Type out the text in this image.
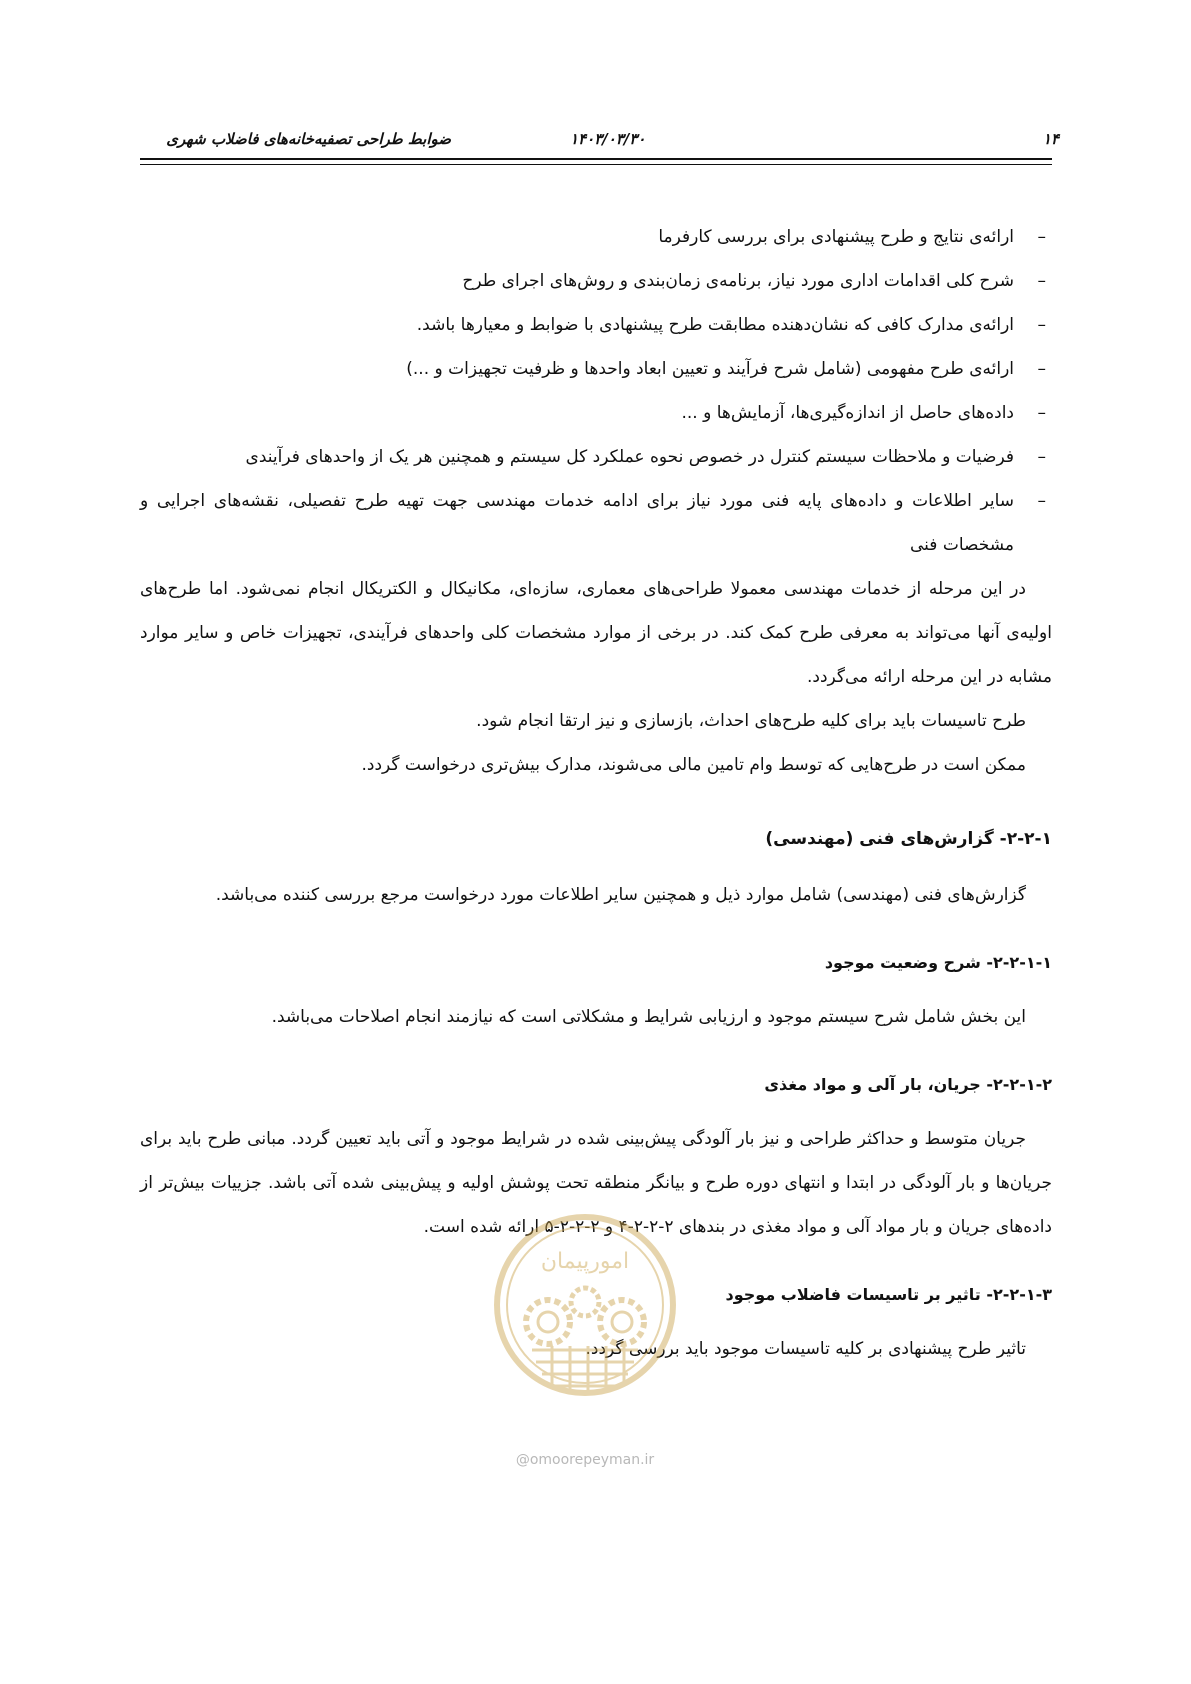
ضوابط طراحی تصفیه‌خانه‌های فاضلاب شهری	۱۴۰۳/۰۳/۳۰	۱۴
–
ارائه‌ی نتایج و طرح پیشنهادی برای بررسی کارفرما
–
شرح کلی اقدامات اداری مورد نیاز، برنامه‌ی زمان‌بندی و روش‌های اجرای طرح
–
ارائه‌ی مدارک کافی که نشان‌دهنده مطابقت طرح پیشنهادی با ضوابط و معیارها باشد.
–
ارائه‌ی طرح مفهومی (شامل شرح فرآیند و تعیین ابعاد واحدها و ظرفیت تجهیزات و ...)
–
داده‌های حاصل از اندازه‌گیری‌ها، آزمایش‌ها و ...
–
فرضیات و ملاحظات سیستم کنترل در خصوص نحوه عملکرد کل سیستم و همچنین هر یک از واحدهای فرآیندی
–
سایر اطلاعات و داده‌های پایه فنی مورد نیاز برای ادامه خدمات مهندسی جهت تهیه طرح تفصیلی، نقشه‌های اجرایی و مشخصات فنی

در این مرحله از خدمات مهندسی معمولا طراحی‌های معماری، سازه‌ای، مکانیکال و الکتریکال انجام نمی‌شود. اما طرح‌های اولیه‌ی آنها می‌تواند به معرفی طرح کمک کند. در برخی از موارد مشخصات کلی واحدهای فرآیندی، تجهیزات خاص و سایر موارد مشابه در این مرحله ارائه می‌گردد.

طرح تاسیسات باید برای کلیه طرح‌های احداث، بازسازی و نیز ارتقا انجام شود.

ممکن است در طرح‌هایی که توسط وام تامین مالی می‌شوند، مدارک بیش‌تری درخواست گردد.

۲-۲-۱- گزارش‌های فنی (مهندسی)

گزارش‌های فنی (مهندسی) شامل موارد ذیل و همچنین سایر اطلاعات مورد درخواست مرجع بررسی کننده می‌باشد.

۲-۲-۱-۱- شرح وضعیت موجود

این بخش شامل شرح سیستم موجود و ارزیابی شرایط و مشکلاتی است که نیازمند انجام اصلاحات می‌باشد.

۲-۲-۱-۲- جریان، بار آلی و مواد مغذی

جریان متوسط و حداکثر طراحی و نیز بار آلودگی پیش‌بینی شده در شرایط موجود و آتی باید تعیین گردد. مبانی طرح باید برای جریان‌ها و بار آلودگی در ابتدا و انتهای دوره طرح و بیانگر منطقه تحت پوشش اولیه و پیش‌بینی شده آتی باشد. جزییات بیش‌تر از داده‌های جریان و بار مواد آلی و مواد مغذی در بندهای ۲-۲-۲-۴ و ۲-۲-۲-۵ ارائه شده است.

۲-۲-۱-۳- تاثیر بر تاسیسات فاضلاب موجود

تاثیر طرح پیشنهادی بر کلیه تاسیسات موجود باید بررسی گردد.

امورپیمان
@omoorepeyman.ir
